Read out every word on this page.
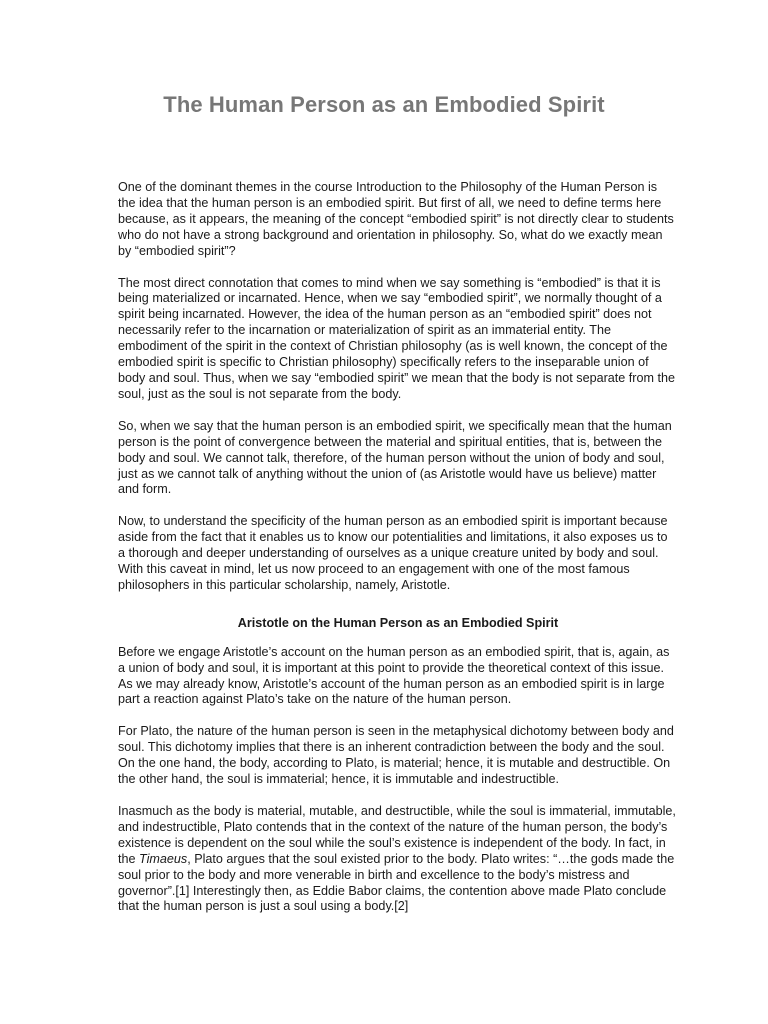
The Human Person as an Embodied Spirit

One of the dominant themes in the course Introduction to the Philosophy of the Human Person is the idea that the human person is an embodied spirit. But first of all, we need to define terms here because, as it appears, the meaning of the concept “embodied spirit” is not directly clear to students who do not have a strong background and orientation in philosophy. So, what do we exactly mean by “embodied spirit”?

The most direct connotation that comes to mind when we say something is “embodied” is that it is being materialized or incarnated. Hence, when we say “embodied spirit”, we normally thought of a spirit being incarnated. However, the idea of the human person as an “embodied spirit” does not necessarily refer to the incarnation or materialization of spirit as an immaterial entity. The embodiment of the spirit in the context of Christian philosophy (as is well known, the concept of the embodied spirit is specific to Christian philosophy) specifically refers to the inseparable union of body and soul. Thus, when we say “embodied spirit” we mean that the body is not separate from the soul, just as the soul is not separate from the body.

So, when we say that the human person is an embodied spirit, we specifically mean that the human person is the point of convergence between the material and spiritual entities, that is, between the body and soul. We cannot talk, therefore, of the human person without the union of body and soul, just as we cannot talk of anything without the union of (as Aristotle would have us believe) matter and form.

Now, to understand the specificity of the human person as an embodied spirit is important because aside from the fact that it enables us to know our potentialities and limitations, it also exposes us to a thorough and deeper understanding of ourselves as a unique creature united by body and soul. With this caveat in mind, let us now proceed to an engagement with one of the most famous philosophers in this particular scholarship, namely, Aristotle.

Aristotle on the Human Person as an Embodied Spirit

Before we engage Aristotle’s account on the human person as an embodied spirit, that is, again, as a union of body and soul, it is important at this point to provide the theoretical context of this issue. As we may already know, Aristotle’s account of the human person as an embodied spirit is in large part a reaction against Plato’s take on the nature of the human person.

For Plato, the nature of the human person is seen in the metaphysical dichotomy between body and soul. This dichotomy implies that there is an inherent contradiction between the body and the soul. On the one hand, the body, according to Plato, is material; hence, it is mutable and destructible. On the other hand, the soul is immaterial; hence, it is immutable and indestructible.

Inasmuch as the body is material, mutable, and destructible, while the soul is immaterial, immutable, and indestructible, Plato contends that in the context of the nature of the human person, the body’s existence is dependent on the soul while the soul’s existence is independent of the body. In fact, in the Timaeus, Plato argues that the soul existed prior to the body. Plato writes: “…the gods made the soul prior to the body and more venerable in birth and excellence to the body’s mistress and governor”.[1] Interestingly then, as Eddie Babor claims, the contention above made Plato conclude that the human person is just a soul using a body.[2]
